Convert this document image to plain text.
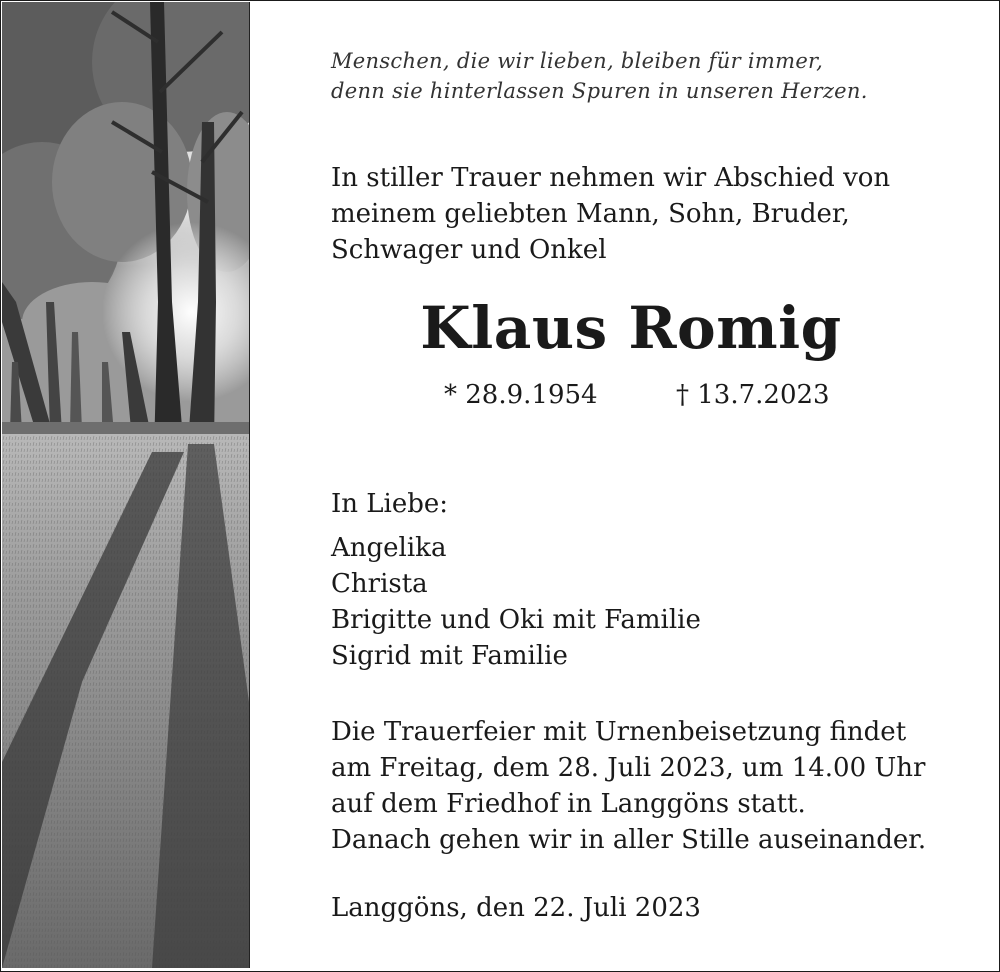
Menschen, die wir lieben, bleiben für immer,
denn sie hinterlassen Spuren in unseren Herzen.
In stiller Trauer nehmen wir Abschied von
meinem geliebten Mann, Sohn, Bruder,
Schwager und Onkel
Klaus Romig
* 28.9.1954	† 13.7.2023
In Liebe:
Angelika
Christa
Brigitte und Oki mit Familie
Sigrid mit Familie
Die Trauerfeier mit Urnenbeisetzung findet
am Freitag, dem 28. Juli 2023, um 14.00 Uhr
auf dem Friedhof in Langgöns statt.
Danach gehen wir in aller Stille auseinander.
Langgöns, den 22. Juli 2023
